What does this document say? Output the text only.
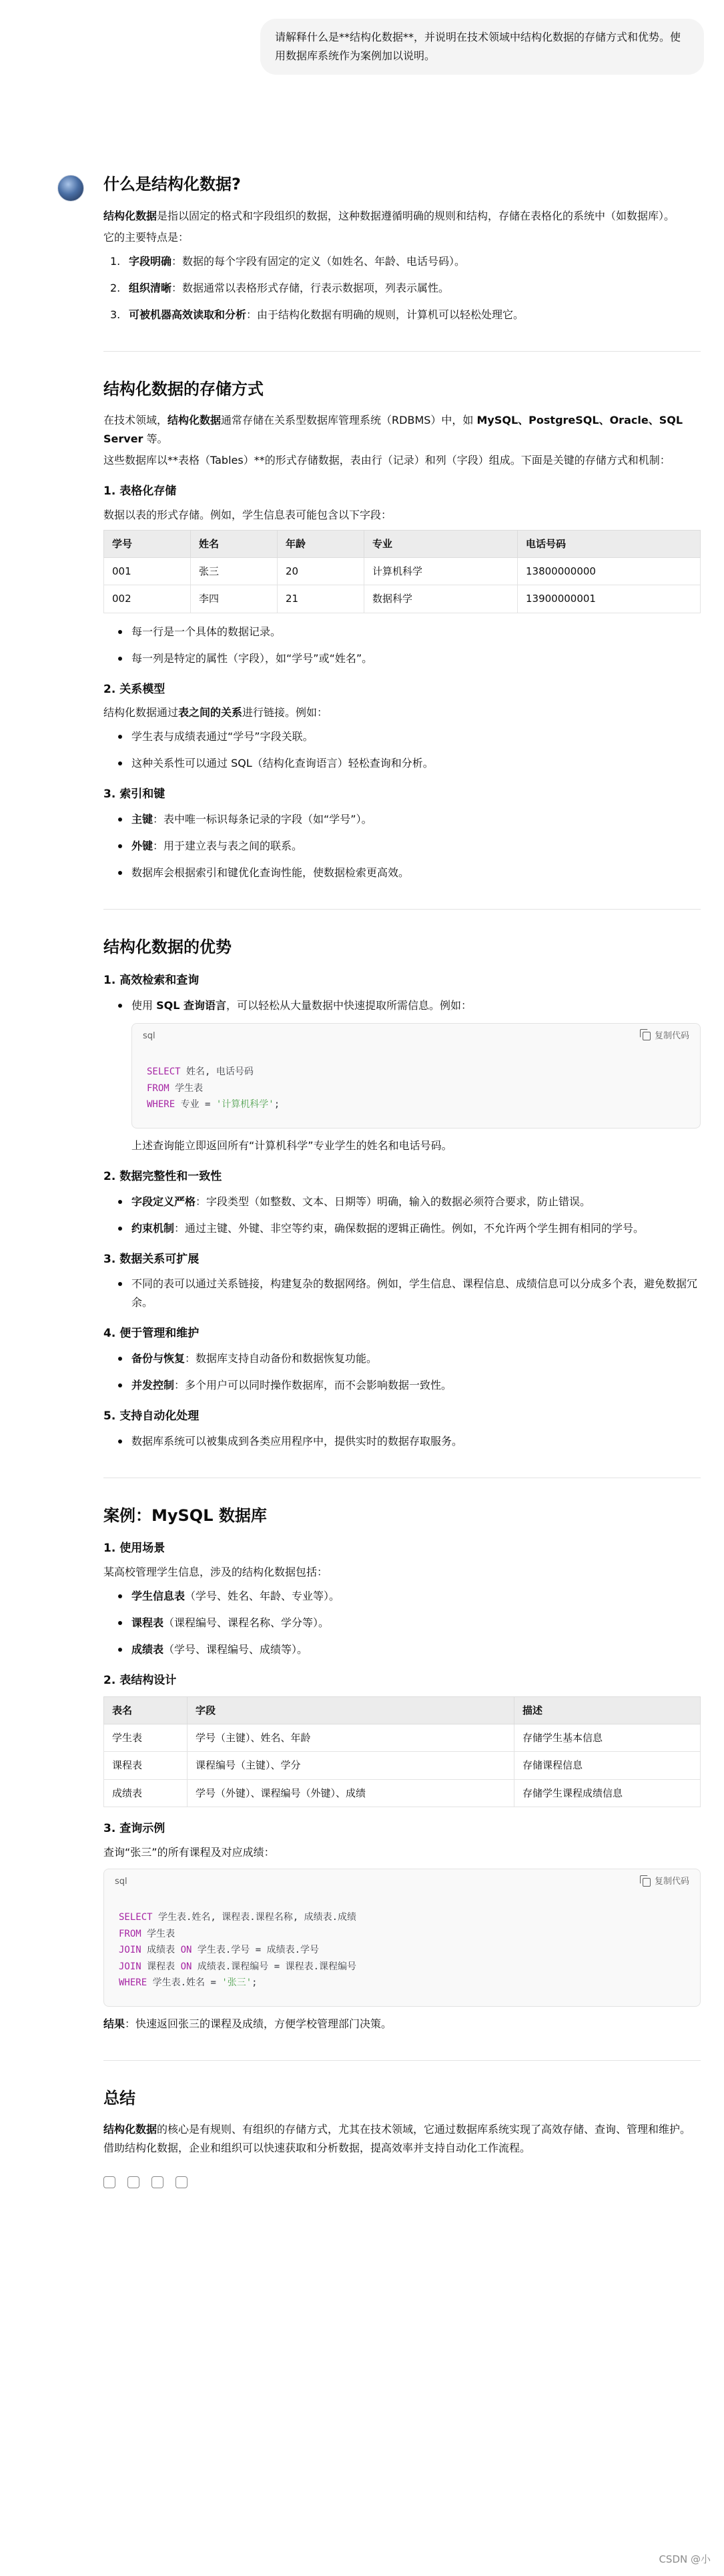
请解释什么是**结构化数据**，并说明在技术领域中结构化数据的存储方式和优势。使用数据库系统作为案例加以说明。
什么是结构化数据?

结构化数据是指以固定的格式和字段组织的数据，这种数据遵循明确的规则和结构，存储在表格化的系统中（如数据库）。

它的主要特点是：

1. 字段明确：数据的每个字段有固定的定义（如姓名、年龄、电话号码）。
2. 组织清晰：数据通常以表格形式存储，行表示数据项，列表示属性。
3. 可被机器高效读取和分析：由于结构化数据有明确的规则，计算机可以轻松处理它。
结构化数据的存储方式

在技术领域，结构化数据通常存储在关系型数据库管理系统（RDBMS）中，如 MySQL、PostgreSQL、Oracle、SQL Server 等。

这些数据库以**表格（Tables）**的形式存储数据，表由行（记录）和列（字段）组成。下面是关键的存储方式和机制：

1. 表格化存储

数据以表的形式存储。例如，学生信息表可能包含以下字段：

学号	姓名	年龄	专业	电话号码
001	张三	20	计算机科学	13800000000
002	李四	21	数据科学	13900000001
每一行是一个具体的数据记录。
每一列是特定的属性（字段），如“学号”或“姓名”。
2. 关系模型

结构化数据通过表之间的关系进行链接。例如：

学生表与成绩表通过“学号”字段关联。
这种关系性可以通过 SQL（结构化查询语言）轻松查询和分析。
3. 索引和键
主键：表中唯一标识每条记录的字段（如“学号”）。
外键：用于建立表与表之间的联系。
数据库会根据索引和键优化查询性能，使数据检索更高效。
结构化数据的优势
1. 高效检索和查询
使用 SQL 查询语言，可以轻松从大量数据中快速提取所需信息。例如：
sql	复制代码
SELECT 姓名, 电话号码
FROM 学生表
WHERE 专业 = '计算机科学';

上述查询能立即返回所有“计算机科学”专业学生的姓名和电话号码。

2. 数据完整性和一致性
字段定义严格：字段类型（如整数、文本、日期等）明确，输入的数据必须符合要求，防止错误。
约束机制：通过主键、外键、非空等约束，确保数据的逻辑正确性。例如，不允许两个学生拥有相同的学号。
3. 数据关系可扩展
不同的表可以通过关系链接，构建复杂的数据网络。例如，学生信息、课程信息、成绩信息可以分成多个表，避免数据冗余。
4. 便于管理和维护
备份与恢复：数据库支持自动备份和数据恢复功能。
并发控制：多个用户可以同时操作数据库，而不会影响数据一致性。
5. 支持自动化处理
数据库系统可以被集成到各类应用程序中，提供实时的数据存取服务。
案例：MySQL 数据库
1. 使用场景

某高校管理学生信息，涉及的结构化数据包括：

学生信息表（学号、姓名、年龄、专业等）。
课程表（课程编号、课程名称、学分等）。
成绩表（学号、课程编号、成绩等）。
2. 表结构设计
表名	字段	描述
学生表	学号（主键）、姓名、年龄	存储学生基本信息
课程表	课程编号（主键）、学分	存储课程信息
成绩表	学号（外键）、课程编号（外键）、成绩	存储学生课程成绩信息
3. 查询示例

查询“张三”的所有课程及对应成绩：

sql	复制代码
SELECT 学生表.姓名, 课程表.课程名称, 成绩表.成绩
FROM 学生表
JOIN 成绩表 ON 学生表.学号 = 成绩表.学号
JOIN 课程表 ON 成绩表.课程编号 = 课程表.课程编号
WHERE 学生表.姓名 = '张三';

结果：快速返回张三的课程及成绩，方便学校管理部门决策。

总结

结构化数据的核心是有规则、有组织的存储方式，尤其在技术领域，它通过数据库系统实现了高效存储、查询、管理和维护。借助结构化数据，企业和组织可以快速获取和分析数据，提高效率并支持自动化工作流程。

CSDN @小
